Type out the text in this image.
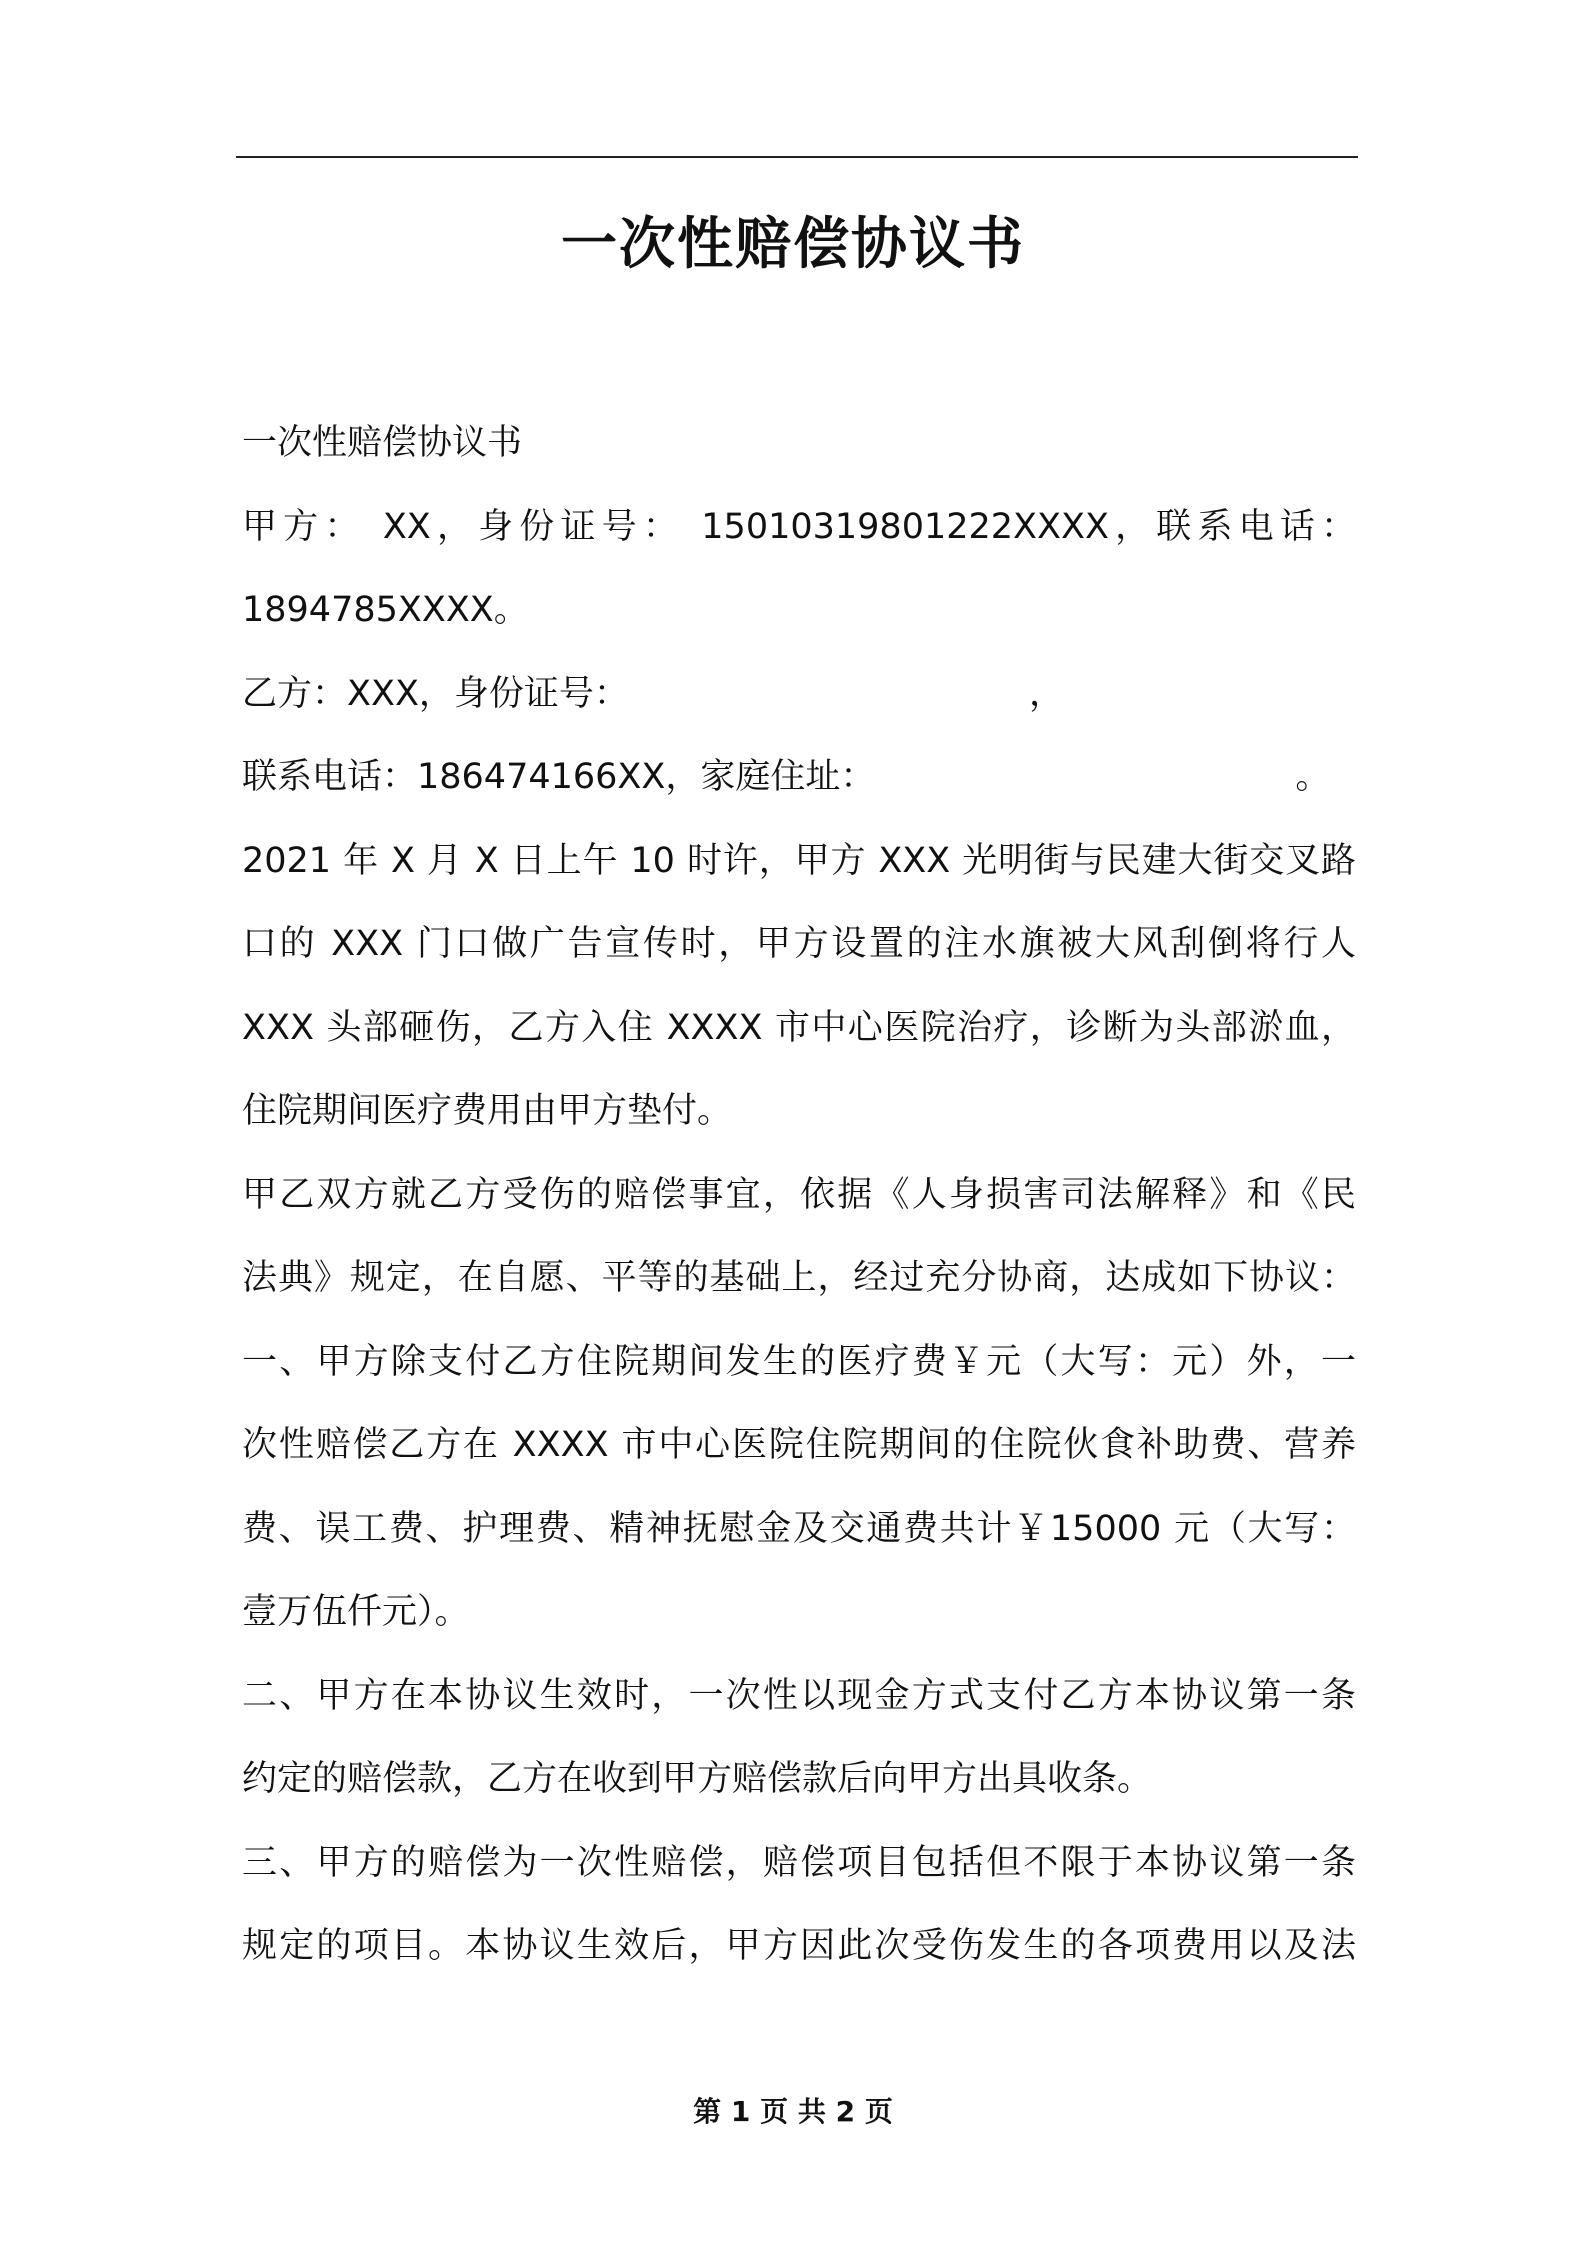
一次性赔偿协议书
一次性赔偿协议书
甲方： XX，身份证号： 15010319801222XXXX，联系电话：
1894785XXXX。
乙方：XXX，身份证号：	，
联系电话：186474166XX，家庭住址：	。
2021 年 X 月 X 日上午 10 时许，甲方 XXX 光明街与民建大街交叉路
口的 XXX 门口做广告宣传时，甲方设置的注水旗被大风刮倒将行人
XXX 头部砸伤，乙方入住 XXXX 市中心医院治疗，诊断为头部淤血，
住院期间医疗费用由甲方垫付。
甲乙双方就乙方受伤的赔偿事宜，依据《人身损害司法解释》和《民
法典》规定，在自愿、平等的基础上，经过充分协商，达成如下协议：
一、甲方除支付乙方住院期间发生的医疗费￥元（大写：元）外，一
次性赔偿乙方在 XXXX 市中心医院住院期间的住院伙食补助费、营养
费、误工费、护理费、精神抚慰金及交通费共计￥15000 元（大写：
壹万伍仟元）。
二、甲方在本协议生效时，一次性以现金方式支付乙方本协议第一条
约定的赔偿款，乙方在收到甲方赔偿款后向甲方出具收条。
三、甲方的赔偿为一次性赔偿，赔偿项目包括但不限于本协议第一条
规定的项目。本协议生效后，甲方因此次受伤发生的各项费用以及法
第 1 页 共 2 页
